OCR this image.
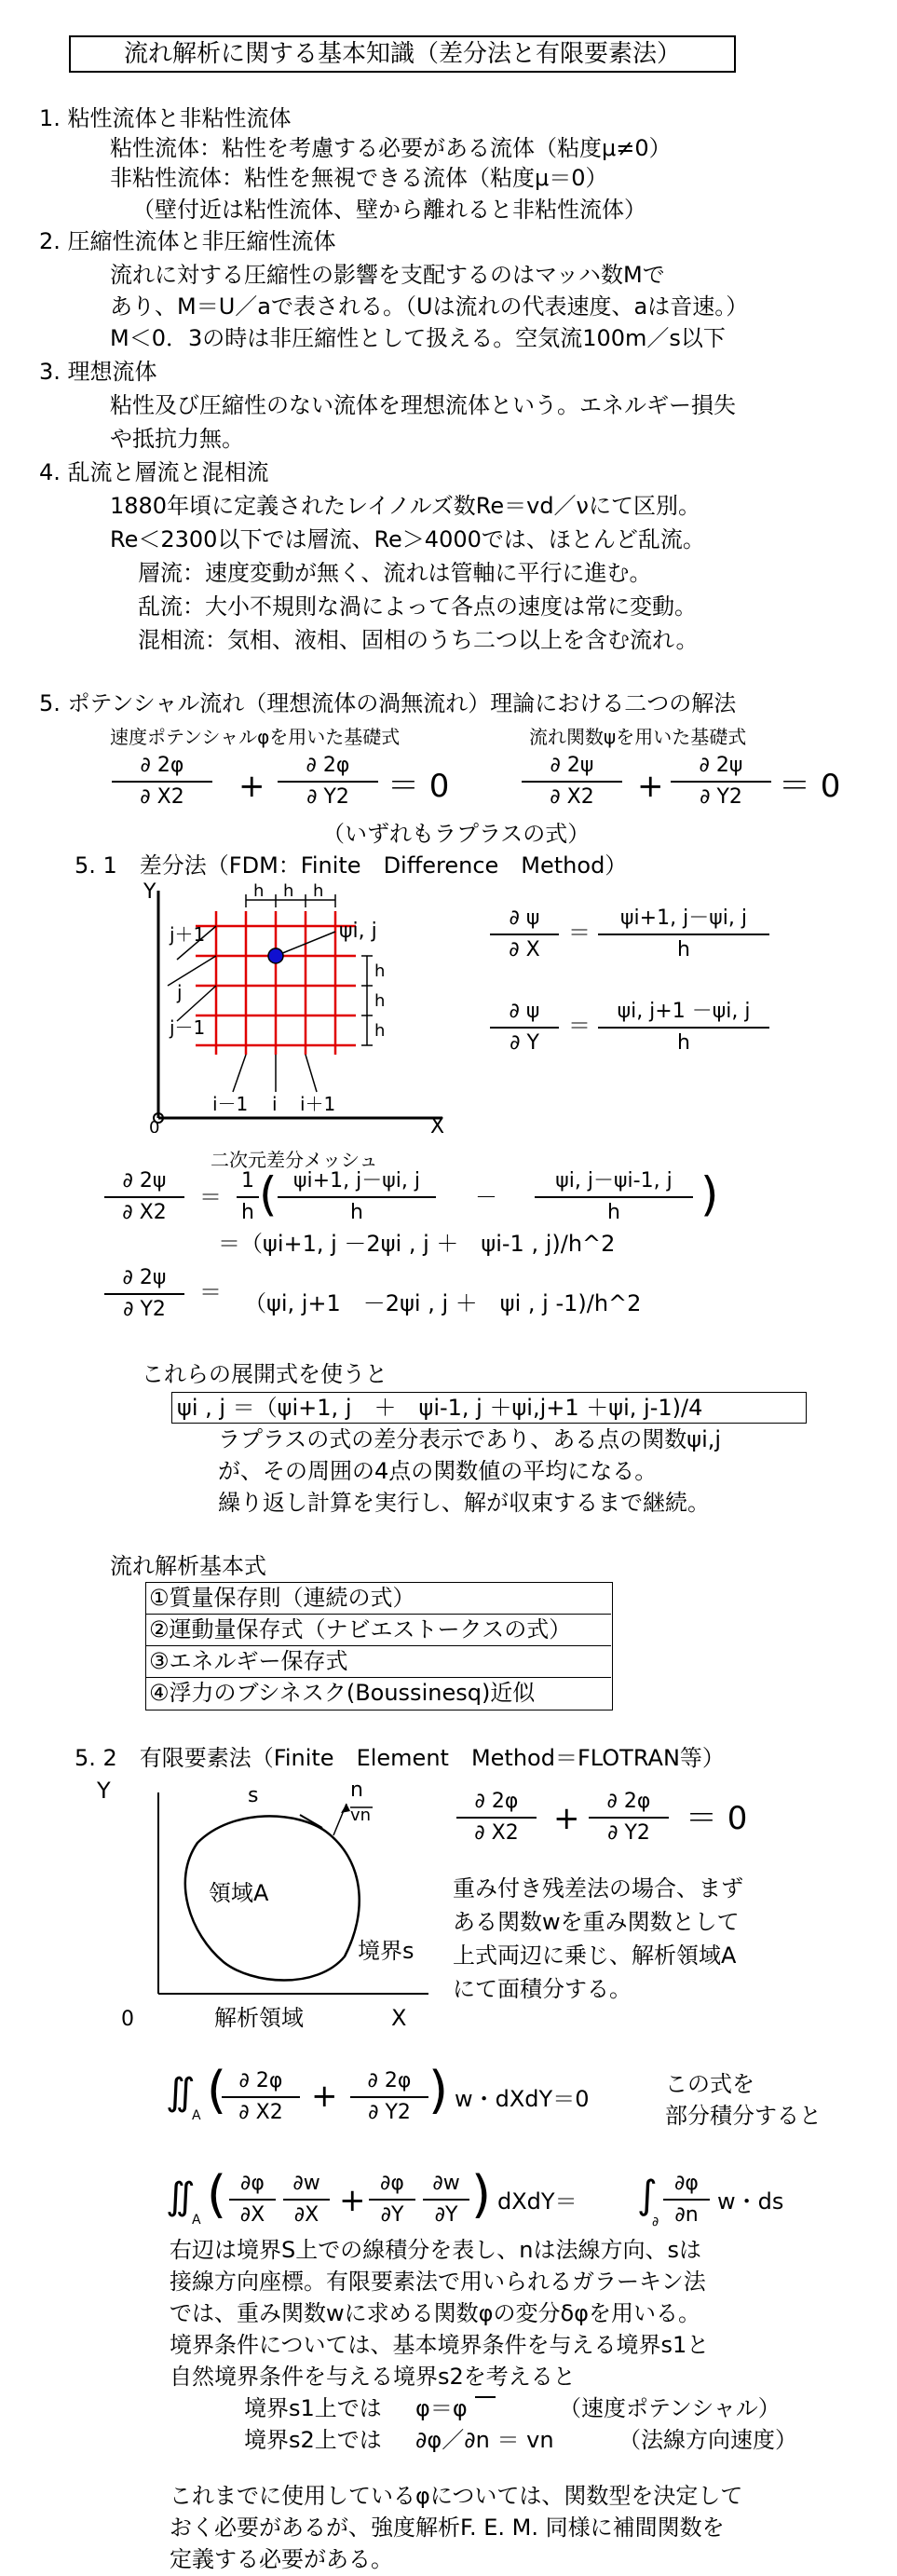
流れ解析に関する基本知識（差分法と有限要素法）
1. 粘性流体と非粘性流体
粘性流体：粘性を考慮する必要がある流体（粘度μ≠0）
非粘性流体：粘性を無視できる流体（粘度μ＝0）
（壁付近は粘性流体、壁から離れると非粘性流体）
2. 圧縮性流体と非圧縮性流体
流れに対する圧縮性の影響を支配するのはマッハ数Mで
あり、M＝U／aで表される。（Uは流れの代表速度、aは音速。）
M＜0．3の時は非圧縮性として扱える。空気流100m／s以下
3. 理想流体
粘性及び圧縮性のない流体を理想流体という。エネルギー損失
や抵抗力無。
4. 乱流と層流と混相流
1880年頃に定義されたレイノルズ数Re＝vd／νにて区別。
Re＜2300以下では層流、Re＞4000では、ほとんど乱流。
層流：速度変動が無く、流れは管軸に平行に進む。
乱流：大小不規則な渦によって各点の速度は常に変動。
混相流：気相、液相、固相のうち二つ以上を含む流れ。
5. ポテンシャル流れ（理想流体の渦無流れ）理論における二つの解法
速度ポテンシャルφを用いた基礎式	流れ関数ψを用いた基礎式
∂ 2φ
∂ X2	+
∂ 2φ
∂ Y2	＝ 0
∂ 2ψ
∂ X2	+
∂ 2ψ
∂ Y2	＝ 0
（いずれもラプラスの式）
5. 1　差分法（FDM：Finite　Difference　Method）
Y
X
0
h h h
h
h
h
ψi, j
j＋1
j
j－1
i－1 i i＋1
∂ ψ
∂ X
＝
ψi+1, j－ψi, j
h
∂ ψ
∂ Y
＝
ψi, j+1 －ψi, j
h
二次元差分メッシュ
∂ 2ψ
∂ X2
＝
1
h ( ψi+1, j－ψi, j
h
－
ψi, j－ψi-1, j
h	)
＝（ψi+1, j －2ψi , j ＋　ψi-1 , j)/h^2
∂ 2ψ
∂ Y2
＝ （ψi, j+1　－2ψi , j ＋　ψi , j -1)/h^2
これらの展開式を使うと
ψi , j ＝（ψi+1, j　＋　ψi-1, j ＋ψi,j+1 ＋ψi, j-1)/4
ラプラスの式の差分表示であり、ある点の関数ψi,j
が、その周囲の4点の関数値の平均になる。
繰り返し計算を実行し、解が収束するまで継続。
流れ解析基本式
①質量保存則（連続の式）
②運動量保存式（ナビエストークスの式）
③エネルギー保存式
④浮力のブシネスク(Boussinesq)近似
5. 2　有限要素法（Finite　Element　Method＝FLOTRAN等）
Y
X
0
s	n
vn
領域A
境界s
解析領域
∂ 2φ
∂ X2	+	∂ 2φ
∂ Y2	＝ 0
重み付き残差法の場合、まず
ある関数wを重み関数として
上式両辺に乗じ、解析領域A
にて面積分する。
∬
A ( ∂ 2φ
∂ X2 +	∂ 2φ
∂ Y2 ) w・dXdY＝0
この式を
部分積分すると
∬
A ( ∂φ
∂X
∂w
∂X + ∂φ
∂Y
∂w
∂Y ) dXdY＝ ∫
∂
∂φ
∂n
w・ds
右辺は境界S上での線積分を表し、nは法線方向、sは
接線方向座標。有限要素法で用いられるガラーキン法
では、重み関数wに求める関数φの変分δφを用いる。
境界条件については、基本境界条件を与える境界s1と
自然境界条件を与える境界s2を考えると
境界s1上では φ＝φ	（速度ポテンシャル）
境界s2上では ∂φ／∂n ＝ vn	（法線方向速度）
これまでに使用しているφについては、関数型を決定して
おく必要があるが、強度解析F. E. M. 同様に補間関数を
定義する必要がある。
